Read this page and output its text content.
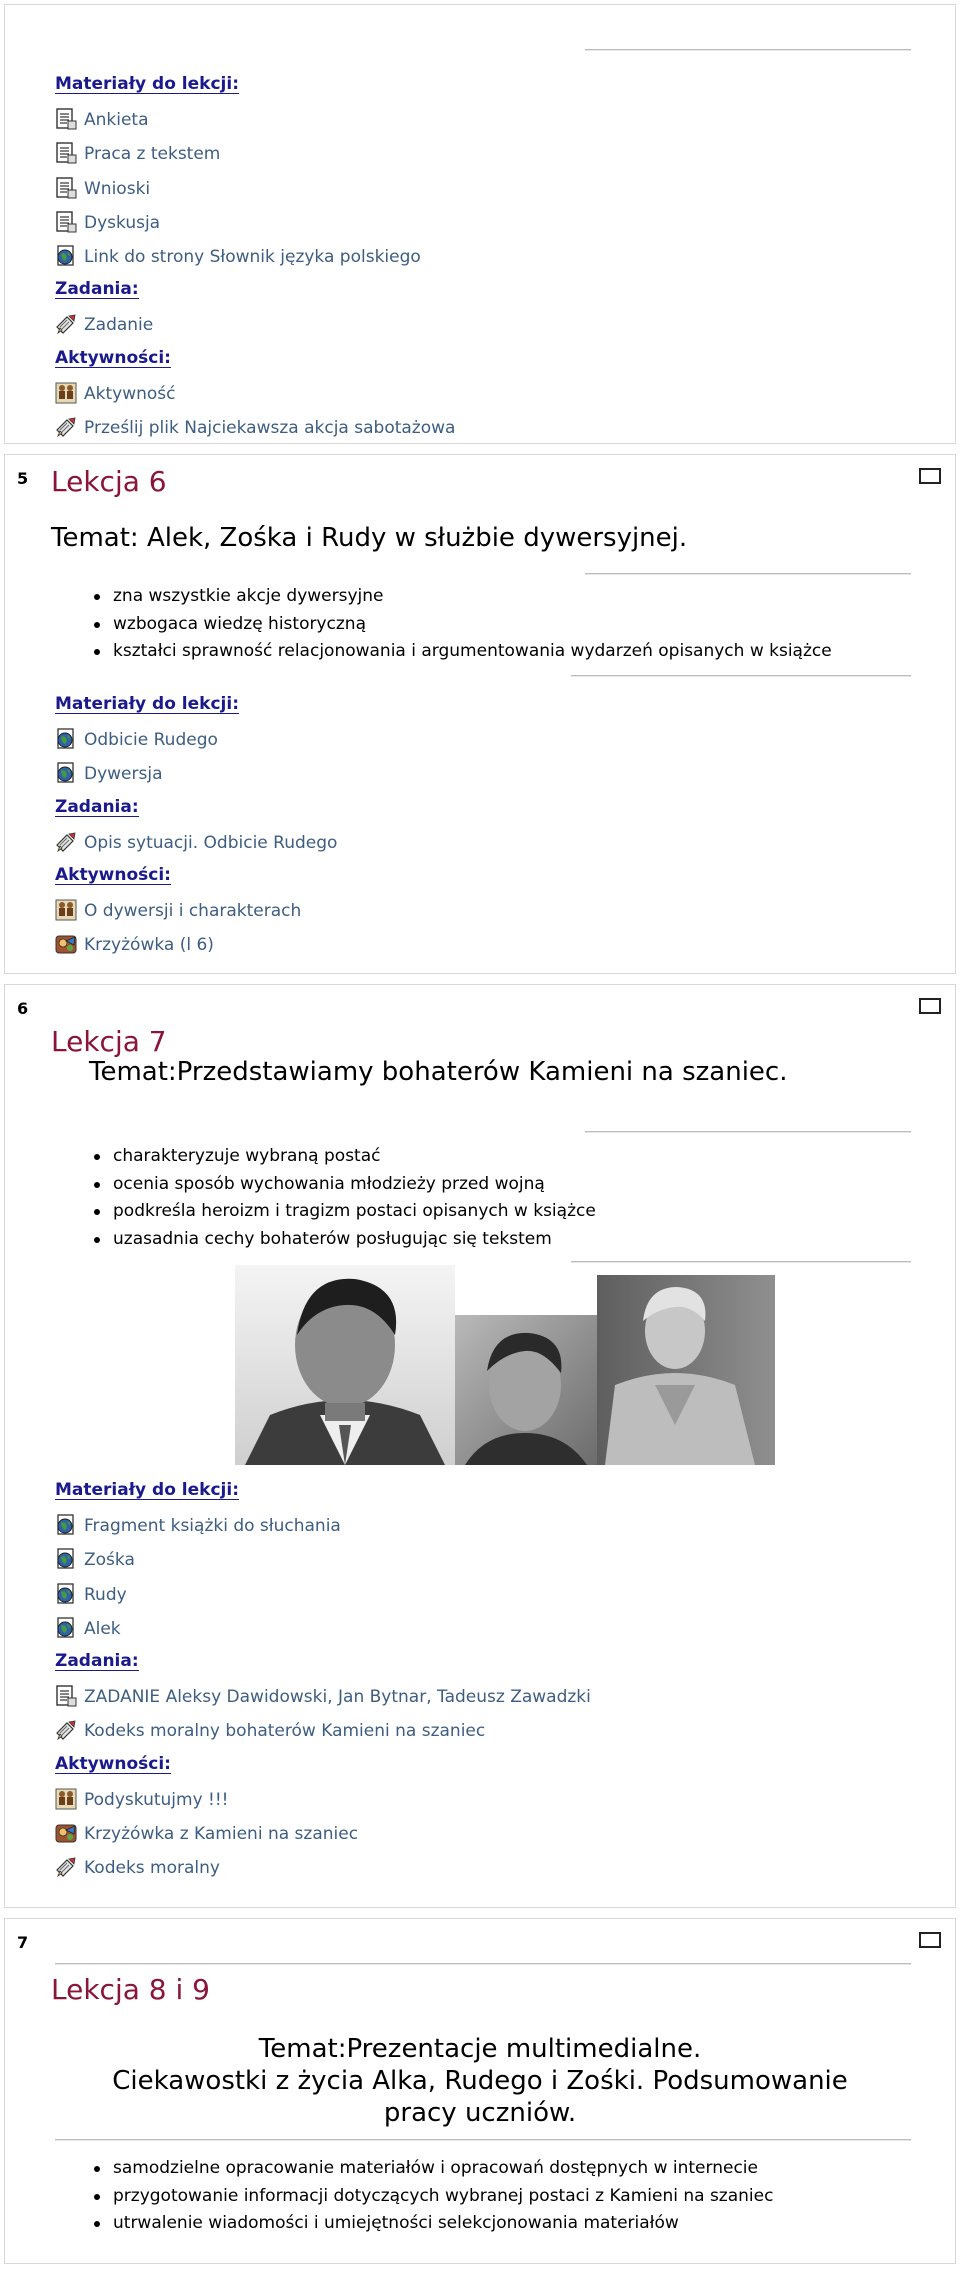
Materiały do lekcji:
Ankieta
Praca z tekstem
Wnioski
Dyskusja
Link do strony Słownik języka polskiego
Zadania:
Zadanie
Aktywności:
Aktywność
Prześlij plik Najciekawsza akcja sabotażowa
5 Lekcja 6
Temat: Alek, Zośka i Rudy w służbie dywersyjnej.
zna wszystkie akcje dywersyjne
wzbogaca wiedzę historyczną
kształci sprawność relacjonowania i argumentowania wydarzeń opisanych w książce
Materiały do lekcji:
Odbicie Rudego
Dywersja
Zadania:
Opis sytuacji. Odbicie Rudego
Aktywności:
O dywersji i charakterach
Krzyżówka (l 6)
6
Lekcja 7
Temat:Przedstawiamy bohaterów Kamieni na szaniec.
charakteryzuje wybraną postać
ocenia sposób wychowania młodzieży przed wojną
podkreśla heroizm i tragizm postaci opisanych w książce
uzasadnia cechy bohaterów posługując się tekstem
Materiały do lekcji:
Fragment książki do słuchania
Zośka
Rudy
Alek
Zadania:
ZADANIE Aleksy Dawidowski, Jan Bytnar, Tadeusz Zawadzki
Kodeks moralny bohaterów Kamieni na szaniec
Aktywności:
Podyskutujmy !!!
Krzyżówka z Kamieni na szaniec
Kodeks moralny
7
Lekcja 8 i 9
Temat:Prezentacje multimedialne.
Ciekawostki z życia Alka, Rudego i Zośki. Podsumowanie
pracy uczniów.
samodzielne opracowanie materiałów i opracowań dostępnych w internecie
przygotowanie informacji dotyczących wybranej postaci z Kamieni na szaniec
utrwalenie wiadomości i umiejętności selekcjonowania materiałów
